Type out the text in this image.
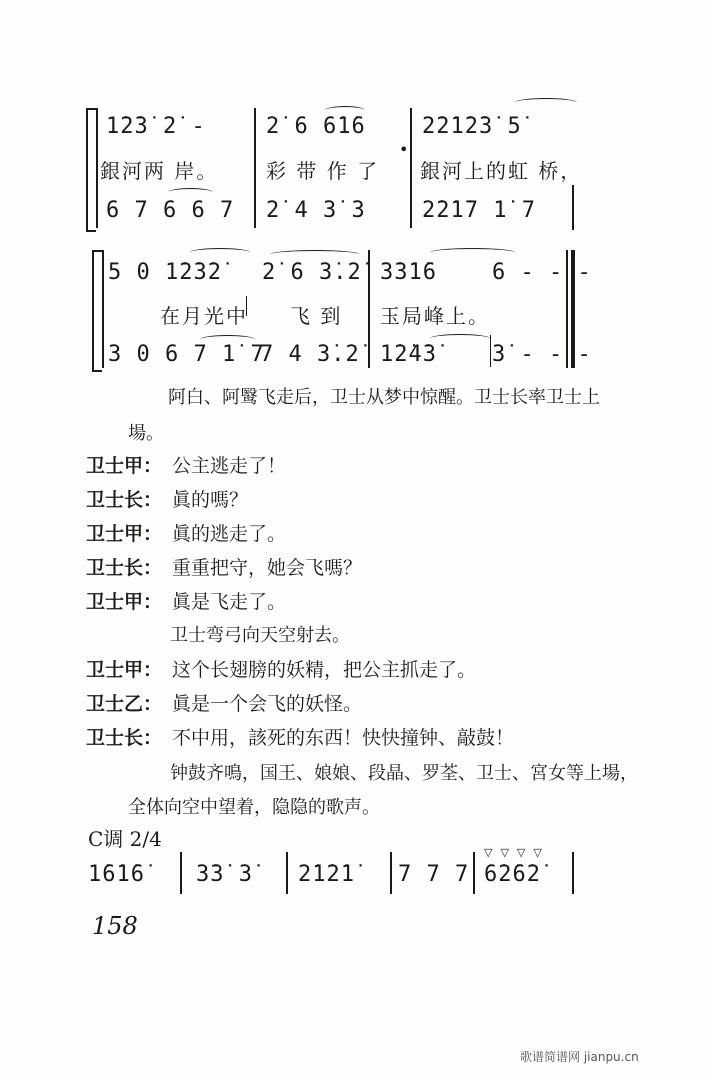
•
1̇2̇3̇ 2̇ -	2̇ 6 6̇1̇6	2̇2̇1̇2̇3̇ 5̇
銀河两 岸。 彩 带 作 了 銀河上的虹 桥，
6 7 6 6 7 2̇ 4 3̇ 3	2̇2̇1̇7 1̇ 7
5 0 1̇2̇3̇2̇ 2̇ 6 3̇.2̇ 3̇3̇1̇6	6 - - -
在月光中 飞 到 玉局峰上。
3 0 6 7 1̇ 7
7 4 3̇.2̇ 1̇2̇4̇3̇	3̇ - - -
阿白、阿鹥飞走后，卫士从梦中惊醒。卫士长率卫士上
場。
卫士甲： 公主逃走了！
卫士长： 眞的嗎？
卫士甲： 眞的逃走了。
卫士长： 重重把守，她会飞嗎？
卫士甲： 眞是飞走了。
卫士弯弓向天空射去。
卫士甲： 这个长翅膀的妖精，把公主抓走了。
卫士乙： 眞是一个会飞的妖怪。
卫士长： 不中用，該死的东西！快快撞钟、敲鼓！
钟鼓齐鳴，国王、娘娘、段晶、罗荃、卫士、宮女等上場，
全体向空中望着，隐隐的歌声。
C调 2/4
1̇6̇1̇6̇ 3̇3̇ 3̇ 2̇1̇2̇1̇ 7 7 7 6̇2̇6̇2̇
▽▽▽▽
158
歌谱简谱网 jianpu.cn
